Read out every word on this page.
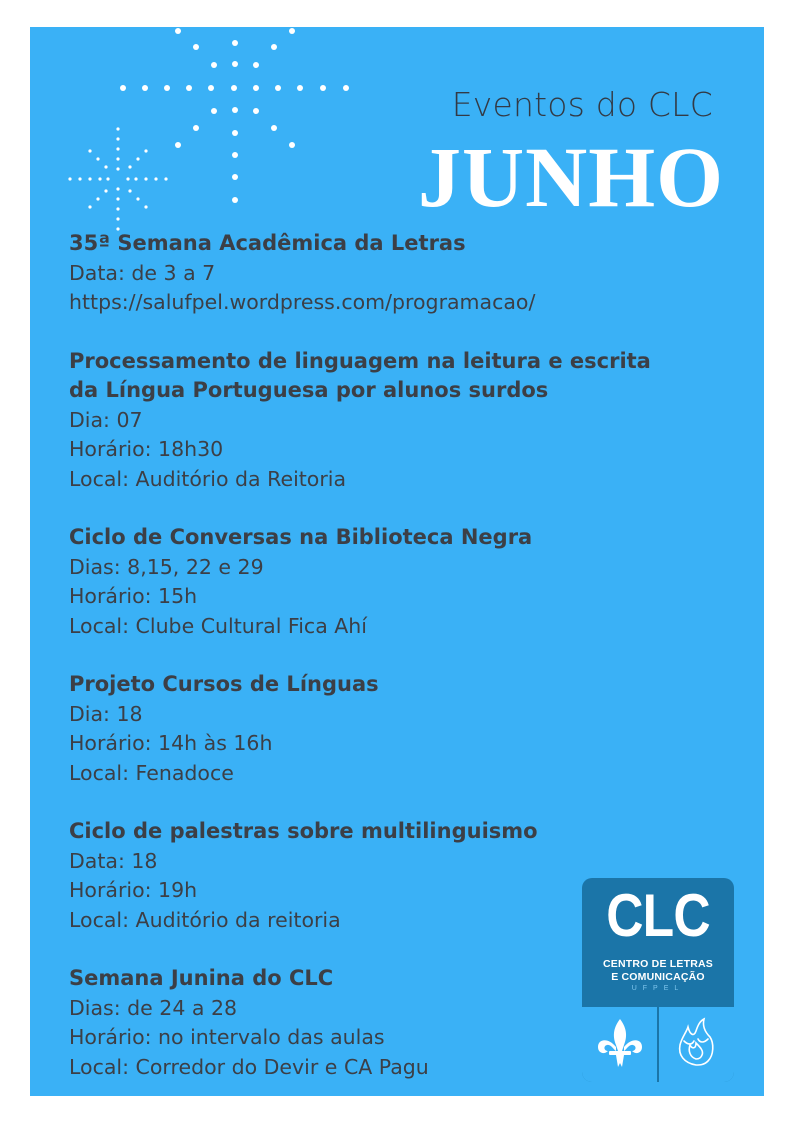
Eventos do CLC
JUNHO
35ª Semana Acadêmica da Letras
Data: de 3 a 7
https://salufpel.wordpress.com/programacao/
Processamento de linguagem na leitura e escrita
da Língua Portuguesa por alunos surdos
Dia: 07
Horário: 18h30
Local: Auditório da Reitoria
Ciclo de Conversas na Biblioteca Negra
Dias: 8,15, 22 e 29
Horário: 15h
Local: Clube Cultural Fica Ahí
Projeto Cursos de Línguas
Dia: 18
Horário: 14h às 16h
Local: Fenadoce
Ciclo de palestras sobre multilinguismo
Data: 18
Horário: 19h
Local: Auditório da reitoria
Semana Junina do CLC
Dias: de 24 a 28
Horário: no intervalo das aulas
Local: Corredor do Devir e CA Pagu
CLC
CENTRO DE LETRAS
E COMUNICAÇÃO
UFPEL
